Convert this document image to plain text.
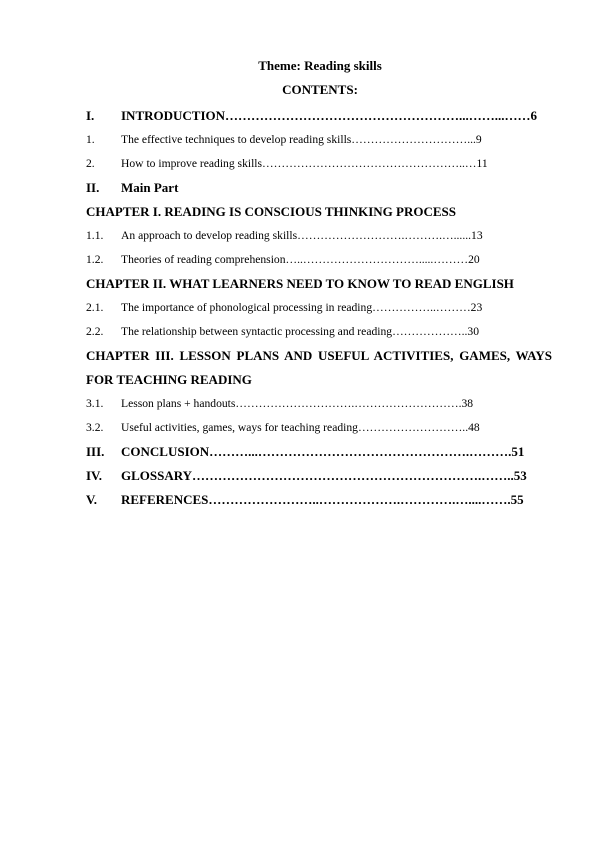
Theme: Reading skills
CONTENTS:
I.	INTRODUCTION………………………………………………...……...……6
1.	The effective techniques to develop reading skills…………………………...9
2.	How to improve reading skills……………………………………………..…11
II.	Main Part
CHAPTER I. READING IS CONSCIOUS THINKING PROCESS
1.1.	An approach to develop reading skills……………………….……….…......13
1.2.	Theories of reading comprehension…..………………………….....………20
CHAPTER II. WHAT LEARNERS NEED TO KNOW TO READ ENGLISH
2.1.	The importance of phonological processing in reading……………..………23
2.2.	The relationship between syntactic processing and reading………………..30
CHAPTER III. LESSON PLANS AND USEFUL ACTIVITIES, GAMES, WAYS FOR TEACHING READING
3.1.	Lesson plans + handouts………………………….……………………….38
3.2.	Useful activities, games, ways for teaching reading………………………..48
III.	CONCLUSION………...………………………………………….……….51
IV.	GLOSSARY………………………………………………………….……..53
V.	REFERENCES……………………..……………….………….…....…….55
